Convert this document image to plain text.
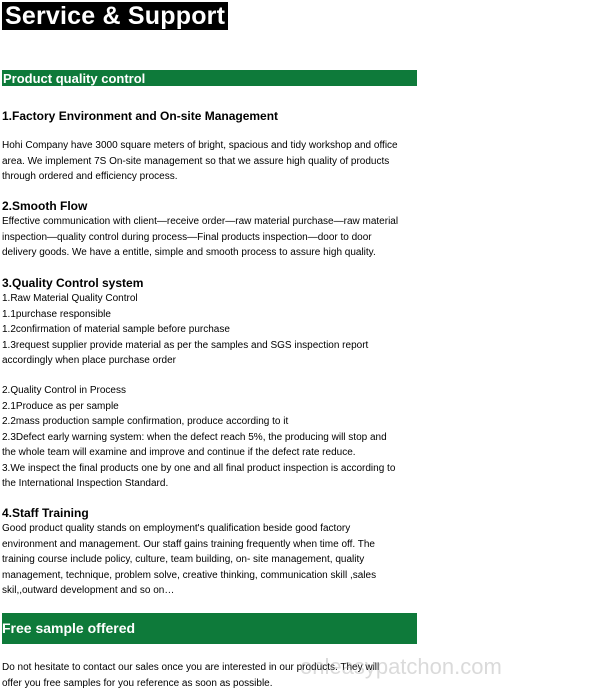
Service & Support
Product quality control
1.Factory Environment and On-site Management
Hohi Company have 3000 square meters of bright, spacious and tidy workshop and office
area. We implement 7S On-site management so that we assure high quality of products
through ordered and efficiency process.
2.Smooth Flow
Effective communication with client—receive order—raw material purchase—raw material
inspection—quality control during process—Final products inspection—door to door
delivery goods. We have a entitle, simple and smooth process to assure high quality.
3.Quality Control system
1.Raw Material Quality Control
1.1purchase responsible
1.2confirmation of material sample before purchase
1.3request supplier provide material as per the samples and SGS inspection report
accordingly when place purchase order
2.Quality Control in Process
2.1Produce as per sample
2.2mass production sample confirmation, produce according to it
2.3Defect early warning system: when the defect reach 5%, the producing will stop and
the whole team will examine and improve and continue if the defect rate reduce.
3.We inspect the final products one by one and all final product inspection is according to
the International Inspection Standard.
4.Staff Training
Good product quality stands on employment's qualification beside good factory
environment and management. Our staff gains training frequently when time off. The
training course include policy, culture, team building, on- site management, quality
management, technique, problem solve, creative thinking, communication skill ,sales
skil,,outward development and so on…
Free sample offered
Do not hesitate to contact our sales once you are interested in our products. They will
offer you free samples for you reference as soon as possible.
onleasypatchon.com
